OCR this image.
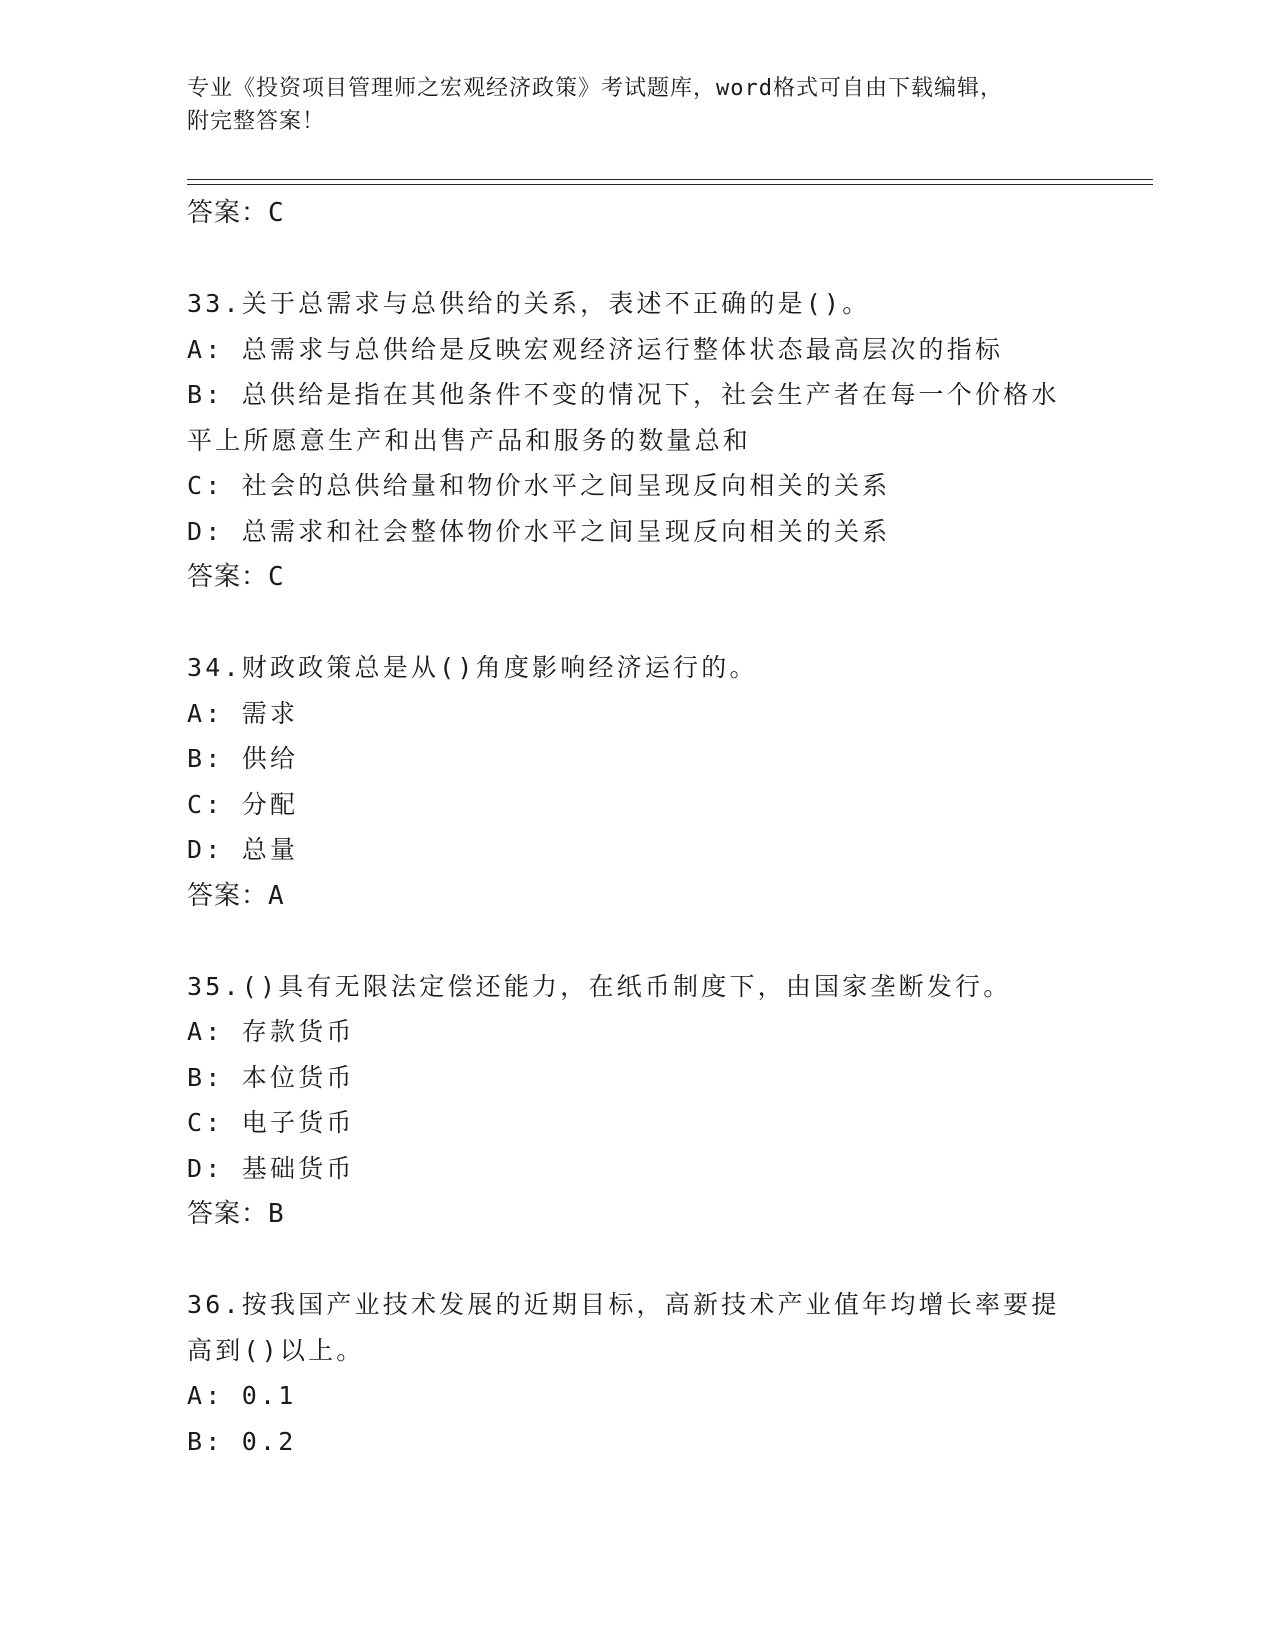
专业《投资项目管理师之宏观经济政策》考试题库，word格式可自由下载编辑，
附完整答案！
答案：C
33.关于总需求与总供给的关系，表述不正确的是()。
A: 总需求与总供给是反映宏观经济运行整体状态最高层次的指标
B: 总供给是指在其他条件不变的情况下，社会生产者在每一个价格水
平上所愿意生产和出售产品和服务的数量总和
C: 社会的总供给量和物价水平之间呈现反向相关的关系
D: 总需求和社会整体物价水平之间呈现反向相关的关系
答案：C
34.财政政策总是从()角度影响经济运行的。
A: 需求
B: 供给
C: 分配
D: 总量
答案：A
35.()具有无限法定偿还能力，在纸币制度下，由国家垄断发行。
A: 存款货币
B: 本位货币
C: 电子货币
D: 基础货币
答案：B
36.按我国产业技术发展的近期目标，高新技术产业值年均增长率要提
高到()以上。
A: 0.1
B: 0.2
